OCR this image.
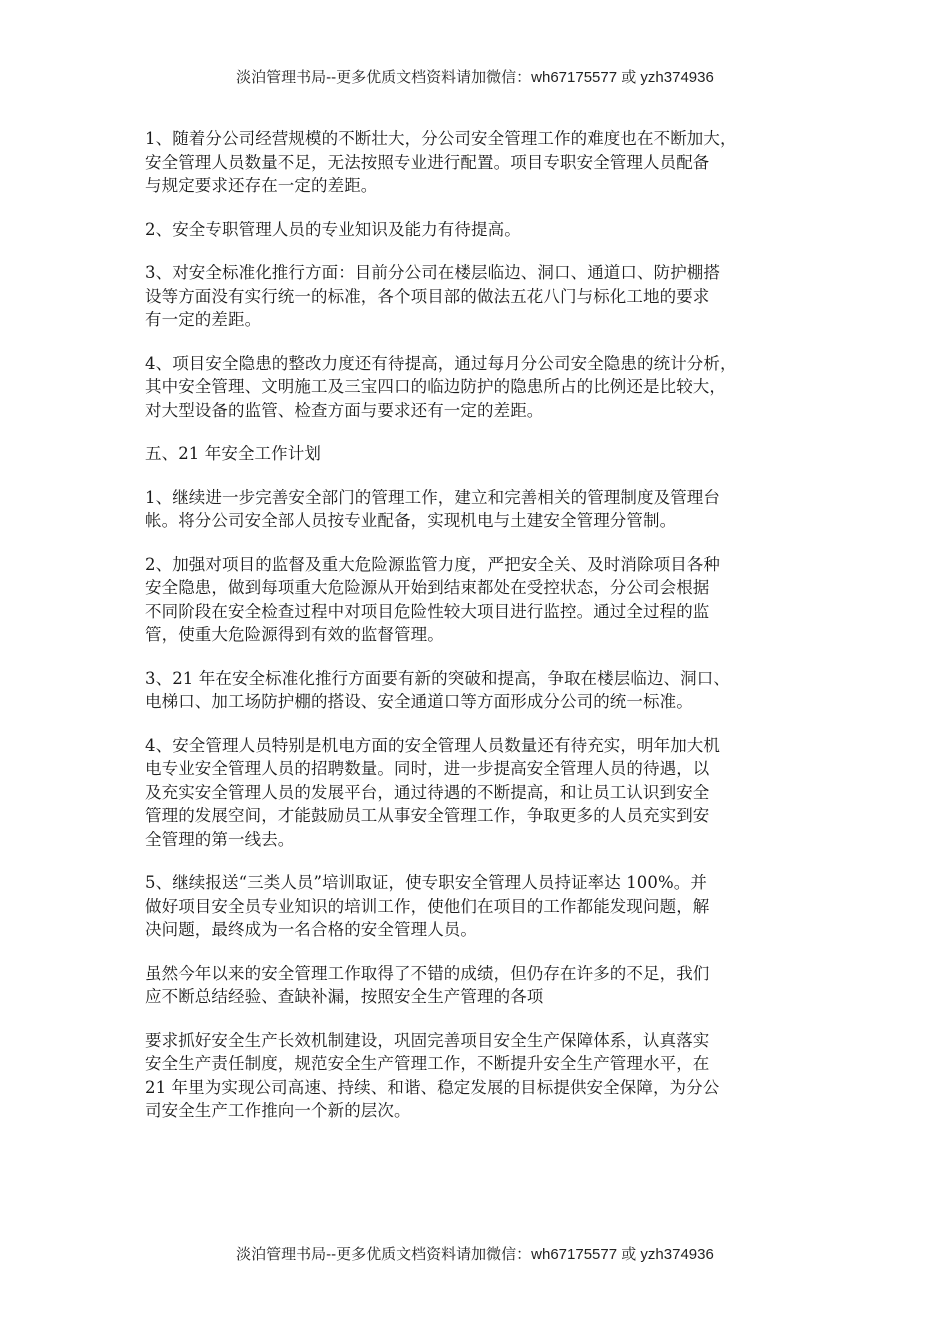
淡泊管理书局--更多优质文档资料请加微信：wh67175577 或 yzh374936

1、随着分公司经营规模的不断壮大，分公司安全管理工作的难度也在不断加大，
安全管理人员数量不足，无法按照专业进行配置。项目专职安全管理人员配备
与规定要求还存在一定的差距。

2、安全专职管理人员的专业知识及能力有待提高。

3、对安全标准化推行方面：目前分公司在楼层临边、洞口、通道口、防护棚搭
设等方面没有实行统一的标准，各个项目部的做法五花八门与标化工地的要求
有一定的差距。

4、项目安全隐患的整改力度还有待提高，通过每月分公司安全隐患的统计分析，
其中安全管理、文明施工及三宝四口的临边防护的隐患所占的比例还是比较大，
对大型设备的监管、检查方面与要求还有一定的差距。

五、21 年安全工作计划

1、继续进一步完善安全部门的管理工作，建立和完善相关的管理制度及管理台
帐。将分公司安全部人员按专业配备，实现机电与土建安全管理分管制。

2、加强对项目的监督及重大危险源监管力度，严把安全关、及时消除项目各种
安全隐患，做到每项重大危险源从开始到结束都处在受控状态，分公司会根据
不同阶段在安全检查过程中对项目危险性较大项目进行监控。通过全过程的监
管，使重大危险源得到有效的监督管理。

3、21 年在安全标准化推行方面要有新的突破和提高，争取在楼层临边、洞口、
电梯口、加工场防护棚的搭设、安全通道口等方面形成分公司的统一标准。

4、安全管理人员特别是机电方面的安全管理人员数量还有待充实，明年加大机
电专业安全管理人员的招聘数量。同时，进一步提高安全管理人员的待遇，以
及充实安全管理人员的发展平台，通过待遇的不断提高，和让员工认识到安全
管理的发展空间，才能鼓励员工从事安全管理工作，争取更多的人员充实到安
全管理的第一线去。

5、继续报送“三类人员”培训取证，使专职安全管理人员持证率达 100%。并
做好项目安全员专业知识的培训工作，使他们在项目的工作都能发现问题，解
决问题，最终成为一名合格的安全管理人员。

虽然今年以来的安全管理工作取得了不错的成绩，但仍存在许多的不足，我们
应不断总结经验、查缺补漏，按照安全生产管理的各项

要求抓好安全生产长效机制建设，巩固完善项目安全生产保障体系，认真落实
安全生产责任制度，规范安全生产管理工作，不断提升安全生产管理水平，在
21 年里为实现公司高速、持续、和谐、稳定发展的目标提供安全保障，为分公
司安全生产工作推向一个新的层次。

淡泊管理书局--更多优质文档资料请加微信：wh67175577 或 yzh374936
